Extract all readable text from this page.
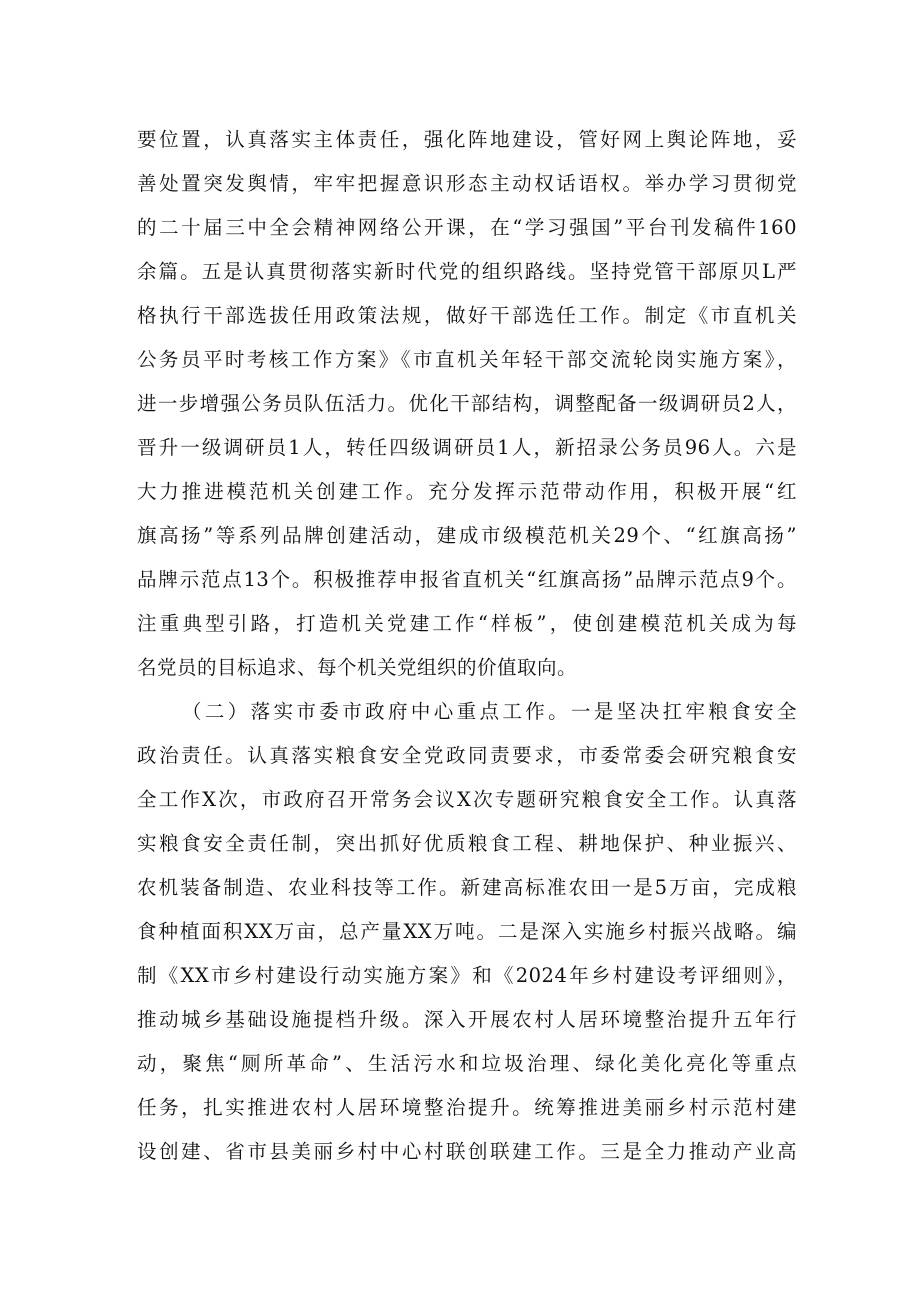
要位置，认真落实主体责任，强化阵地建设，管好网上舆论阵地，妥
善处置突发舆情，牢牢把握意识形态主动权话语权。举办学习贯彻党
的二十届三中全会精神网络公开课，在“学习强国”平台刊发稿件160
余篇。五是认真贯彻落实新时代党的组织路线。坚持党管干部原贝L严
格执行干部选拔任用政策法规，做好干部选任工作。制定《市直机关
公务员平时考核工作方案》《市直机关年轻干部交流轮岗实施方案》，
进一步增强公务员队伍活力。优化干部结构，调整配备一级调研员2人，
晋升一级调研员1人，转任四级调研员1人，新招录公务员96人。六是
大力推进模范机关创建工作。充分发挥示范带动作用，积极开展“红
旗高扬”等系列品牌创建活动，建成市级模范机关29个、“红旗高扬”
品牌示范点13个。积极推荐申报省直机关“红旗高扬”品牌示范点9个。
注重典型引路，打造机关党建工作“样板”，使创建模范机关成为每
名党员的目标追求、每个机关党组织的价值取向。
（二）落实市委市政府中心重点工作。一是坚决扛牢粮食安全
政治责任。认真落实粮食安全党政同责要求，市委常委会研究粮食安
全工作X次，市政府召开常务会议X次专题研究粮食安全工作。认真落
实粮食安全责任制，突出抓好优质粮食工程、耕地保护、种业振兴、
农机装备制造、农业科技等工作。新建高标准农田一是5万亩，完成粮
食种植面积XX万亩，总产量XX万吨。二是深入实施乡村振兴战略。编
制《XX市乡村建设行动实施方案》和《2024年乡村建设考评细则》，
推动城乡基础设施提档升级。深入开展农村人居环境整治提升五年行
动，聚焦“厕所革命”、生活污水和垃圾治理、绿化美化亮化等重点
任务，扎实推进农村人居环境整治提升。统筹推进美丽乡村示范村建
设创建、省市县美丽乡村中心村联创联建工作。三是全力推动产业高
